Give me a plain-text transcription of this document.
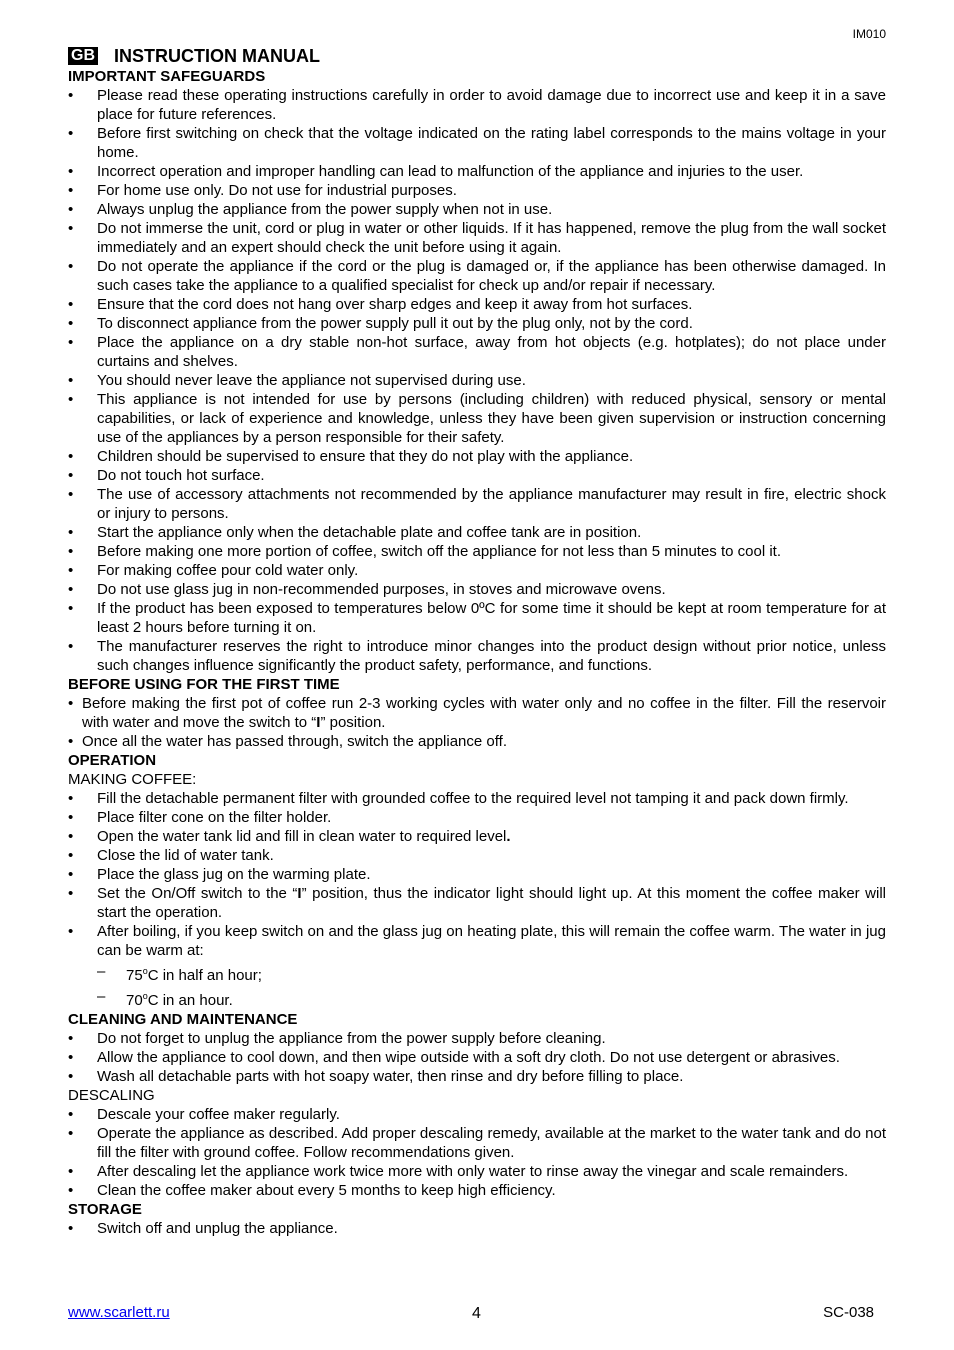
IM010
GB INSTRUCTION MANUAL
IMPORTANT SAFEGUARDS
• Please read these operating instructions carefully in order to avoid damage due to incorrect use and keep it in a save place for future references.
• Before first switching on check that the voltage indicated on the rating label corresponds to the mains voltage in your home.
• Incorrect operation and improper handling can lead to malfunction of the appliance and injuries to the user.
• For home use only. Do not use for industrial purposes.
• Always unplug the appliance from the power supply when not in use.
• Do not immerse the unit, cord or plug in water or other liquids. If it has happened, remove the plug from the wall socket immediately and an expert should check the unit before using it again.
• Do not operate the appliance if the cord or the plug is damaged or, if the appliance has been otherwise damaged. In such cases take the appliance to a qualified specialist for check up and/or repair if necessary.
• Ensure that the cord does not hang over sharp edges and keep it away from hot surfaces.
• To disconnect appliance from the power supply pull it out by the plug only, not by the cord.
• Place the appliance on a dry stable non-hot surface, away from hot objects (e.g. hotplates); do not place under curtains and shelves.
• You should never leave the appliance not supervised during use.
• This appliance is not intended for use by persons (including children) with reduced physical, sensory or mental capabilities, or lack of experience and knowledge, unless they have been given supervision or instruction concerning use of the appliances by a person responsible for their safety.
• Children should be supervised to ensure that they do not play with the appliance.
• Do not touch hot surface.
• The use of accessory attachments not recommended by the appliance manufacturer may result in fire, electric shock or injury to persons.
• Start the appliance only when the detachable plate and coffee tank are in position.
• Before making one more portion of coffee, switch off the appliance for not less than 5 minutes to cool it.
• For making coffee pour cold water only.
• Do not use glass jug in non-recommended purposes, in stoves and microwave ovens.
• If the product has been exposed to temperatures below 0ºC for some time it should be kept at room temperature for at least 2 hours before turning it on.
• The manufacturer reserves the right to introduce minor changes into the product design without prior notice, unless such changes influence significantly the product safety, performance, and functions.
BEFORE USING FOR THE FIRST TIME
• Before making the first pot of coffee run 2-3 working cycles with water only and no coffee in the filter. Fill the reservoir with water and move the switch to “I” position.
• Once all the water has passed through, switch the appliance off.
OPERATION
MAKING COFFEE:
• Fill the detachable permanent filter with grounded coffee to the required level not tamping it and pack down firmly.
• Place filter cone on the filter holder.
• Open the water tank lid and fill in clean water to required level.
• Close the lid of water tank.
• Place the glass jug on the warming plate.
• Set the On/Off switch to the “I” position, thus the indicator light should light up. At this moment the coffee maker will start the operation.
• After boiling, if you keep switch on and the glass jug on heating plate, this will remain the coffee warm. The water in jug can be warm at:
– 75$^o$C in half an hour;
– 70$^o$C in an hour.
CLEANING AND MAINTENANCE
• Do not forget to unplug the appliance from the power supply before cleaning.
• Allow the appliance to cool down, and then wipe outside with a soft dry cloth. Do not use detergent or abrasives.
• Wash all detachable parts with hot soapy water, then rinse and dry before filling to place.
DESCALING
• Descale your coffee maker regularly.
• Operate the appliance as described. Add proper descaling remedy, available at the market to the water tank and do not fill the filter with ground coffee. Follow recommendations given.
• After descaling let the appliance work twice more with only water to rinse away the vinegar and scale remainders.
• Clean the coffee maker about every 5 months to keep high efficiency.
STORAGE
• Switch off and unplug the appliance.
www.scarlett.ru	4	SC-038
